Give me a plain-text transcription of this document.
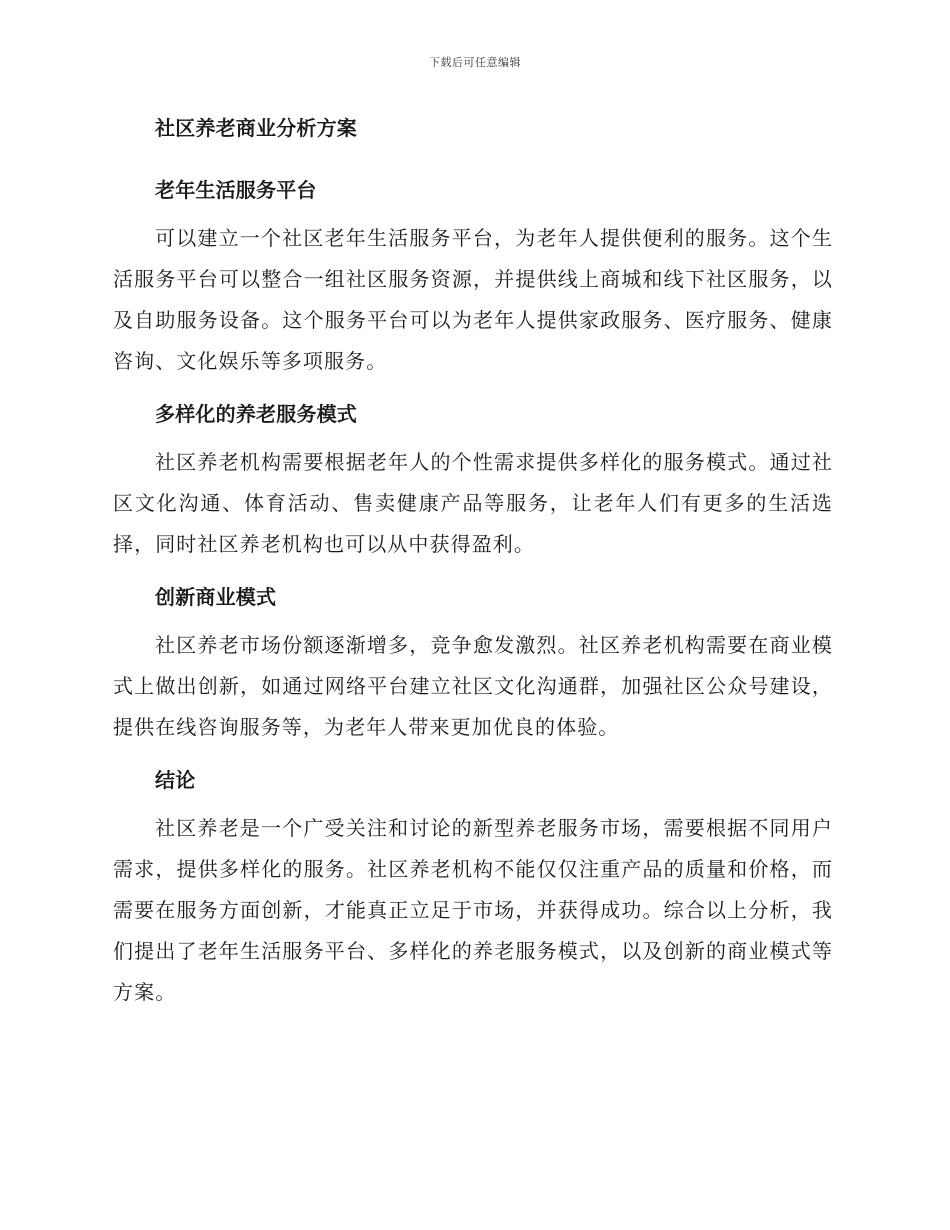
下载后可任意编辑
社区养老商业分析方案
老年生活服务平台

可以建立一个社区老年生活服务平台，为老年人提供便利的服务。这个生活服务平台可以整合一组社区服务资源，并提供线上商城和线下社区服务，以及自助服务设备。这个服务平台可以为老年人提供家政服务、医疗服务、健康咨询、文化娱乐等多项服务。

多样化的养老服务模式

社区养老机构需要根据老年人的个性需求提供多样化的服务模式。通过社区文化沟通、体育活动、售卖健康产品等服务，让老年人们有更多的生活选择，同时社区养老机构也可以从中获得盈利。

创新商业模式

社区养老市场份额逐渐增多，竞争愈发激烈。社区养老机构需要在商业模式上做出创新，如通过网络平台建立社区文化沟通群，加强社区公众号建设，提供在线咨询服务等，为老年人带来更加优良的体验。

结论

社区养老是一个广受关注和讨论的新型养老服务市场，需要根据不同用户需求，提供多样化的服务。社区养老机构不能仅仅注重产品的质量和价格，而需要在服务方面创新，才能真正立足于市场，并获得成功。综合以上分析，我们提出了老年生活服务平台、多样化的养老服务模式，以及创新的商业模式等方案。
